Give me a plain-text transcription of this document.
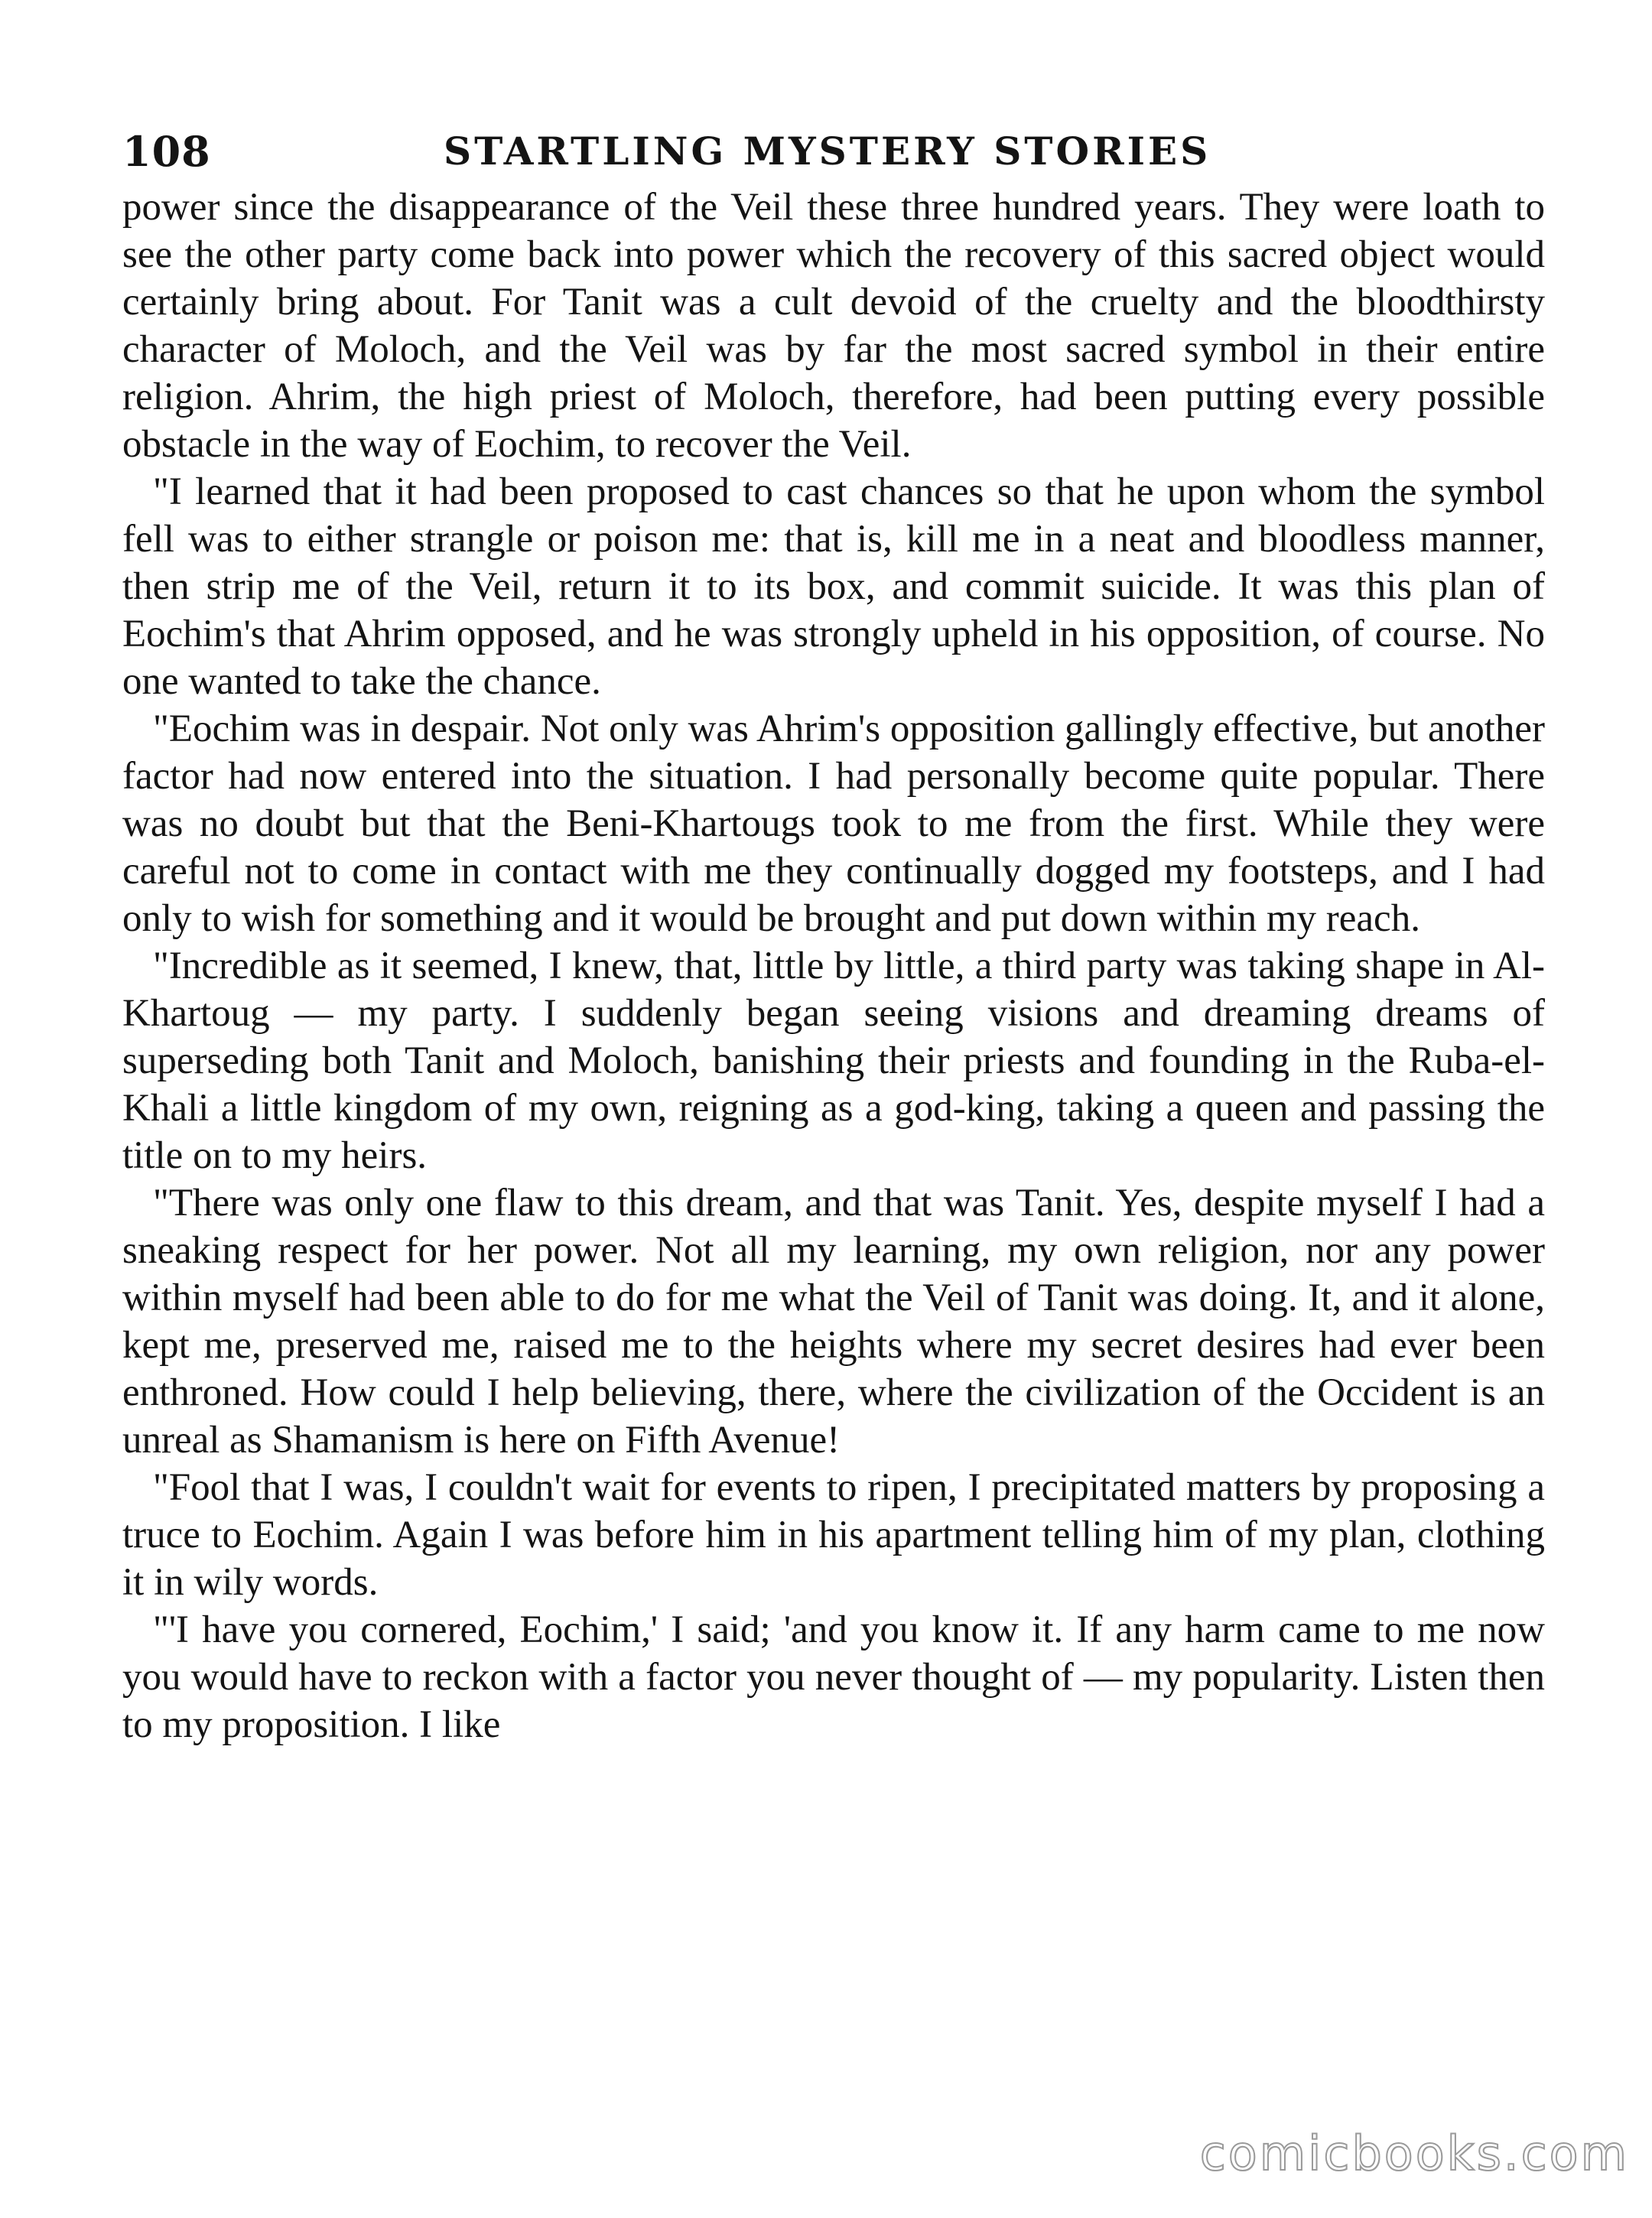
108	STARTLING MYSTERY STORIES

power since the disappearance of the Veil these three hundred years. They were loath to see the other party come back into power which the recovery of this sacred object would certainly bring about. For Tanit was a cult devoid of the cruelty and the bloodthirsty character of Moloch, and the Veil was by far the most sacred symbol in their entire religion. Ahrim, the high priest of Moloch, therefore, had been putting every possible obstacle in the way of Eochim, to recover the Veil.

"I learned that it had been proposed to cast chances so that he upon whom the symbol fell was to either strangle or poison me: that is, kill me in a neat and bloodless manner, then strip me of the Veil, return it to its box, and commit suicide. It was this plan of Eochim's that Ahrim opposed, and he was strongly upheld in his opposition, of course. No one wanted to take the chance.

"Eochim was in despair. Not only was Ahrim's opposition gallingly effective, but another factor had now entered into the situation. I had personally become quite popular. There was no doubt but that the Beni-Khartougs took to me from the first. While they were careful not to come in contact with me they continually dogged my footsteps, and I had only to wish for something and it would be brought and put down within my reach.

"Incredible as it seemed, I knew, that, little by little, a third party was taking shape in Al-Khartoug — my party. I suddenly began seeing visions and dreaming dreams of superseding both Tanit and Moloch, banishing their priests and founding in the Ruba-el-Khali a little kingdom of my own, reigning as a god-king, taking a queen and passing the title on to my heirs.

"There was only one flaw to this dream, and that was Tanit. Yes, despite myself I had a sneaking respect for her power. Not all my learning, my own religion, nor any power within myself had been able to do for me what the Veil of Tanit was doing. It, and it alone, kept me, preserved me, raised me to the heights where my secret desires had ever been enthroned. How could I help believing, there, where the civilization of the Occident is an unreal as Shamanism is here on Fifth Avenue!

"Fool that I was, I couldn't wait for events to ripen, I precipitated matters by proposing a truce to Eochim. Again I was before him in his apartment telling him of my plan, clothing it in wily words.

"'I have you cornered, Eochim,' I said; 'and you know it. If any harm came to me now you would have to reckon with a factor you never thought of — my popularity. Listen then to my proposition. I like

comicbooks.com
